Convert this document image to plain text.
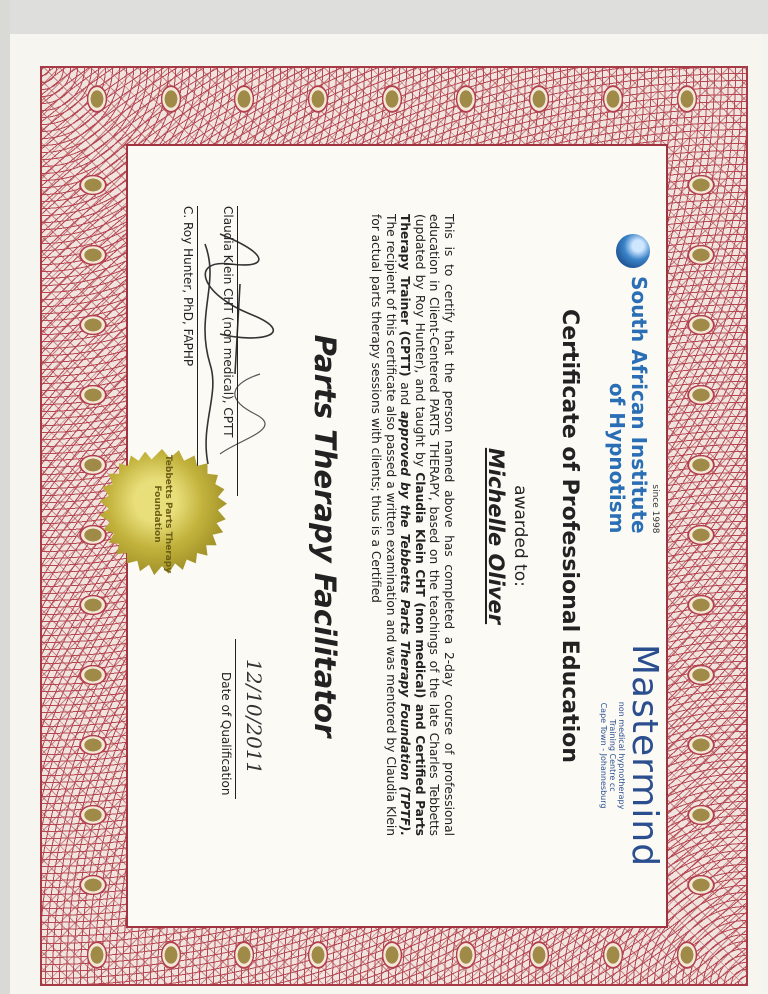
since 1998
South African Institute
of Hypnotism
Mastermind
non medical hypnotherapy
Training Centre cc
Cape Town - Johannesburg
Certificate of Professional Education
awarded to:
Michelle Oliver
This is to certify that the person named above has completed a 2-day course of professional education in Client-Centered PARTS THERAPY, based on the teachings of the late Charles Tebbetts (updated by Roy Hunter), and taught by Claudia Klein CHT (non medical) and Certified Parts Therapy Trainer (CPTT) and approved by the Tebbetts Parts Therapy Foundation (TPTF). The recipient of this certificate also passed a written examination and was mentored by Claudia Klein for actual parts therapy sessions with clients; thus is a Certified
Parts Therapy Facilitator
Claudia Klein CHT (non medical), CPTT
C. Roy Hunter, PhD, FAPHP
12/10/2011
Date of Qualification
Tebbetts Parts Therapy Foundation
